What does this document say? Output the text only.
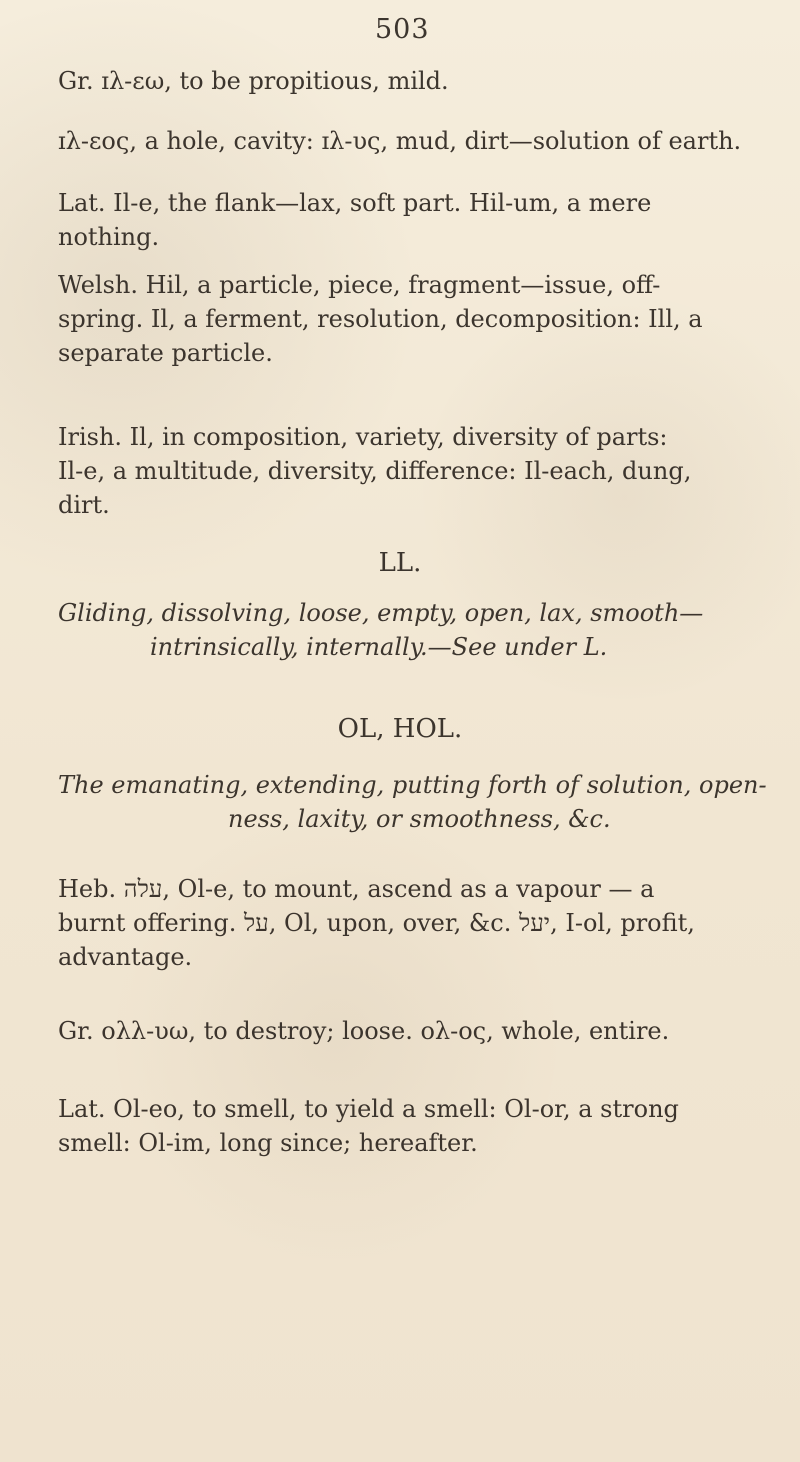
503
Gr. ɪλ-εω, to be propitious, mild.
ɪλ-εος, a hole, cavity: ɪλ-υς, mud, dirt—solution of earth.
Lat. Il-e, the flank—lax, soft part. Hil-um, a mere
nothing.
Welsh. Hil, a particle, piece, fragment—issue, off-
spring. Il, a ferment, resolution, decomposition: Ill, a
separate particle.
Irish. Il, in composition, variety, diversity of parts:
Il-e, a multitude, diversity, difference: Il-each, dung,
dirt.
LL.
Gliding, dissolving, loose, empty, open, lax, smooth—
intrinsically, internally.—See under L.
OL, HOL.
The emanating, extending, putting forth of solution, open-
ness, laxity, or smoothness, &c.
Heb. עלה, Ol-e, to mount, ascend as a vapour — a
burnt offering. על, Ol, upon, over, &c. יעל, I-ol, profit,
advantage.
Gr. ολλ-υω, to destroy; loose. ολ-ος, whole, entire.
Lat. Ol-eo, to smell, to yield a smell: Ol-or, a strong
smell: Ol-im, long since; hereafter.
